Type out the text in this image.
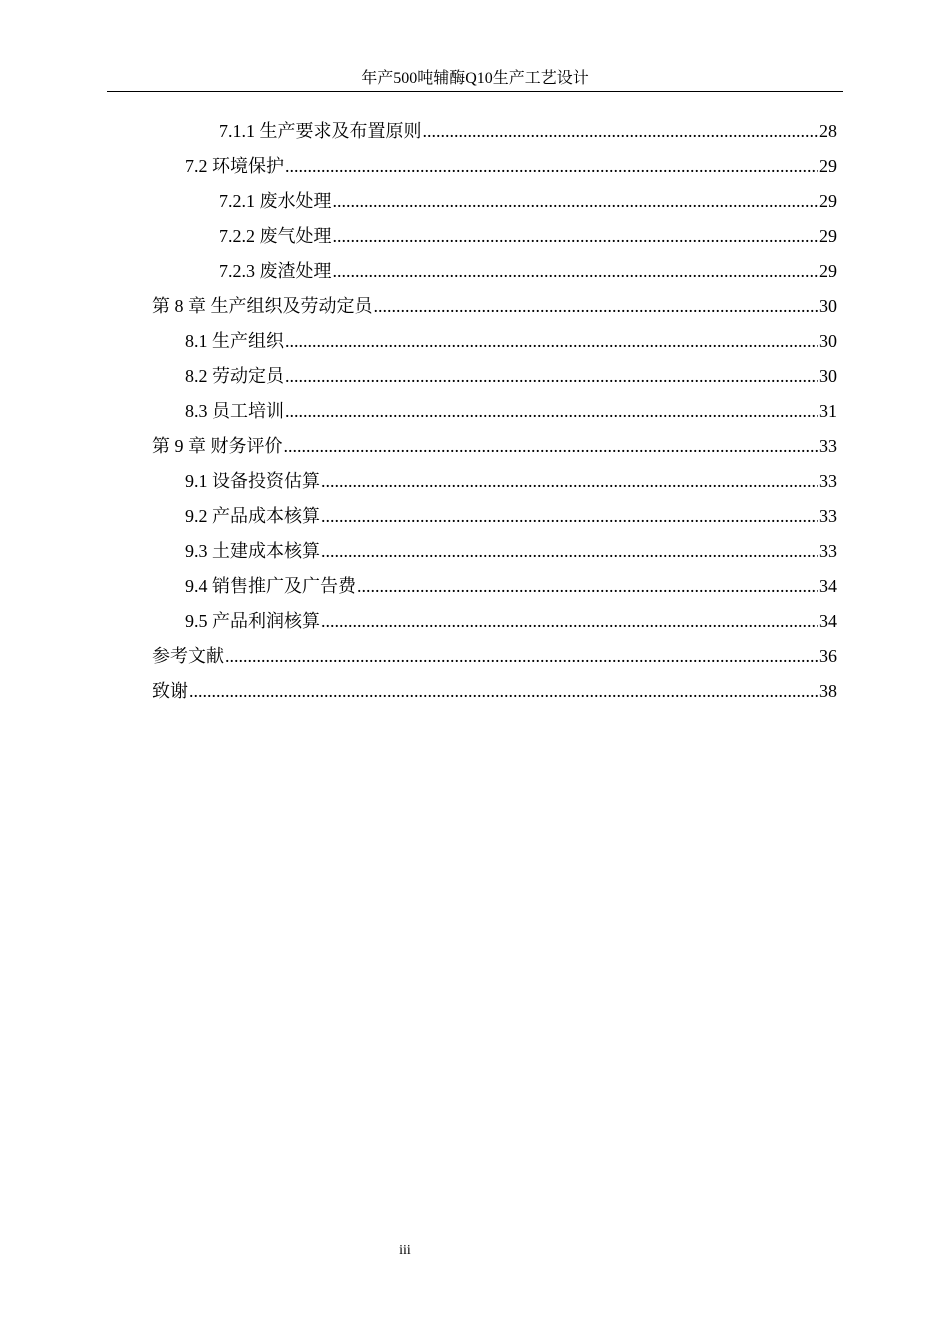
年产500吨辅酶Q10生产工艺设计
7.1.1 生产要求及布置原则 .....	28
7.2 环境保护 .....	29
7.2.1 废水处理 .....	29
7.2.2 废气处理 .....	29
7.2.3 废渣处理 .....	29
第 8 章 生产组织及劳动定员 .....	30
8.1 生产组织 .....	30
8.2 劳动定员 .....	30
8.3 员工培训 .....	31
第 9 章 财务评价 .....	33
9.1 设备投资估算 .....	33
9.2 产品成本核算 .....	33
9.3 土建成本核算 .....	33
9.4 销售推广及广告费 .....	34
9.5 产品利润核算 .....	34
参考文献 .....	36
致谢 .....	38
iii
